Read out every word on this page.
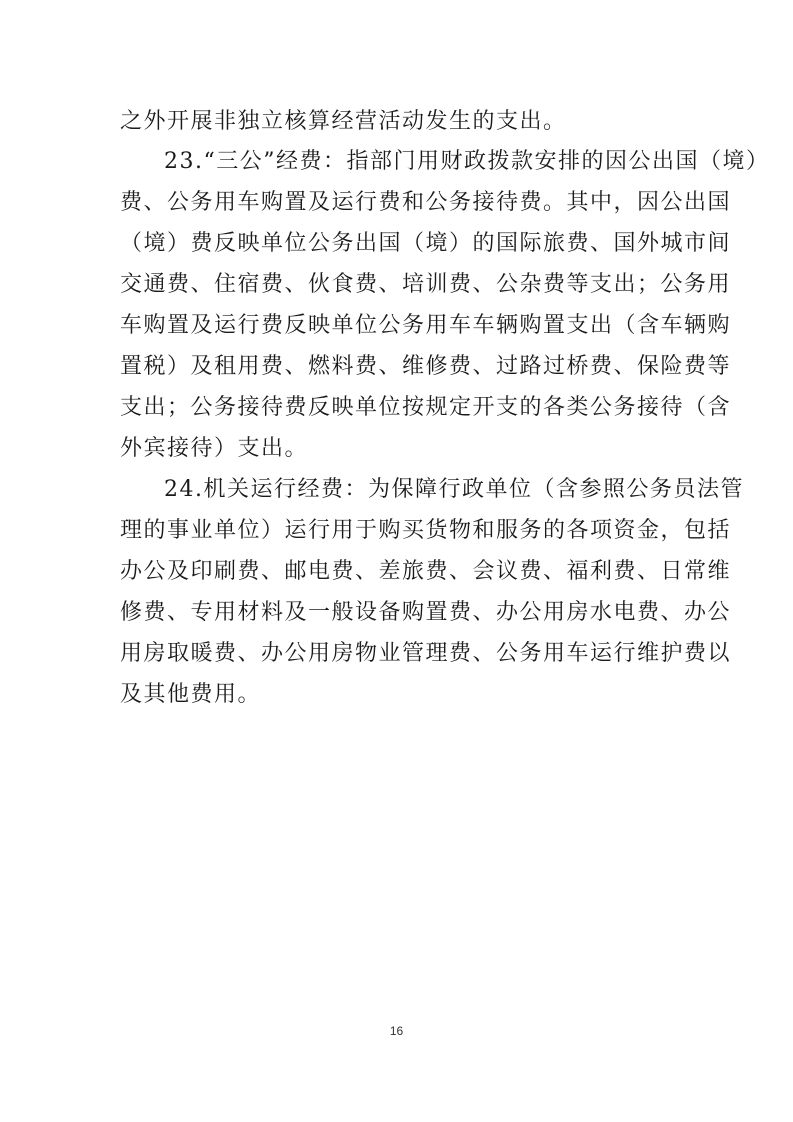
之外开展非独立核算经营活动发生的支出。
23.“三公”经费：指部门用财政拨款安排的因公出国（境）
费、公务用车购置及运行费和公务接待费。其中，因公出国
（境）费反映单位公务出国（境）的国际旅费、国外城市间
交通费、住宿费、伙食费、培训费、公杂费等支出；公务用
车购置及运行费反映单位公务用车车辆购置支出（含车辆购
置税）及租用费、燃料费、维修费、过路过桥费、保险费等
支出；公务接待费反映单位按规定开支的各类公务接待（含
外宾接待）支出。
24.机关运行经费：为保障行政单位（含参照公务员法管
理的事业单位）运行用于购买货物和服务的各项资金，包括
办公及印刷费、邮电费、差旅费、会议费、福利费、日常维
修费、专用材料及一般设备购置费、办公用房水电费、办公
用房取暖费、办公用房物业管理费、公务用车运行维护费以
及其他费用。
16
